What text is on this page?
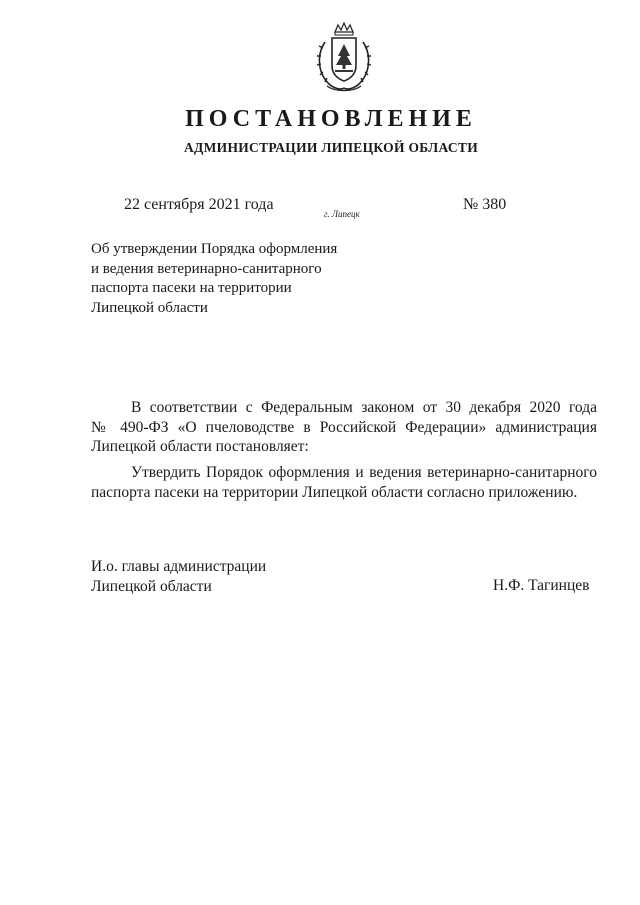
ПОСТАНОВЛЕНИЕ
АДМИНИСТРАЦИИ ЛИПЕЦКОЙ ОБЛАСТИ
22 сентября 2021 года
г. Липецк
№ 380
Об утверждении Порядка оформления
и ведения ветеринарно-санитарного
паспорта пасеки на территории
Липецкой области
В соответствии с Федеральным законом от 30 декабря 2020 года
№ 490-ФЗ «О пчеловодстве в Российской Федерации» администрация
Липецкой области постановляет:
Утвердить Порядок оформления и ведения ветеринарно-санитарного
паспорта пасеки на территории Липецкой области согласно приложению.
И.о. главы администрации
Липецкой области	Н.Ф. Тагинцев
